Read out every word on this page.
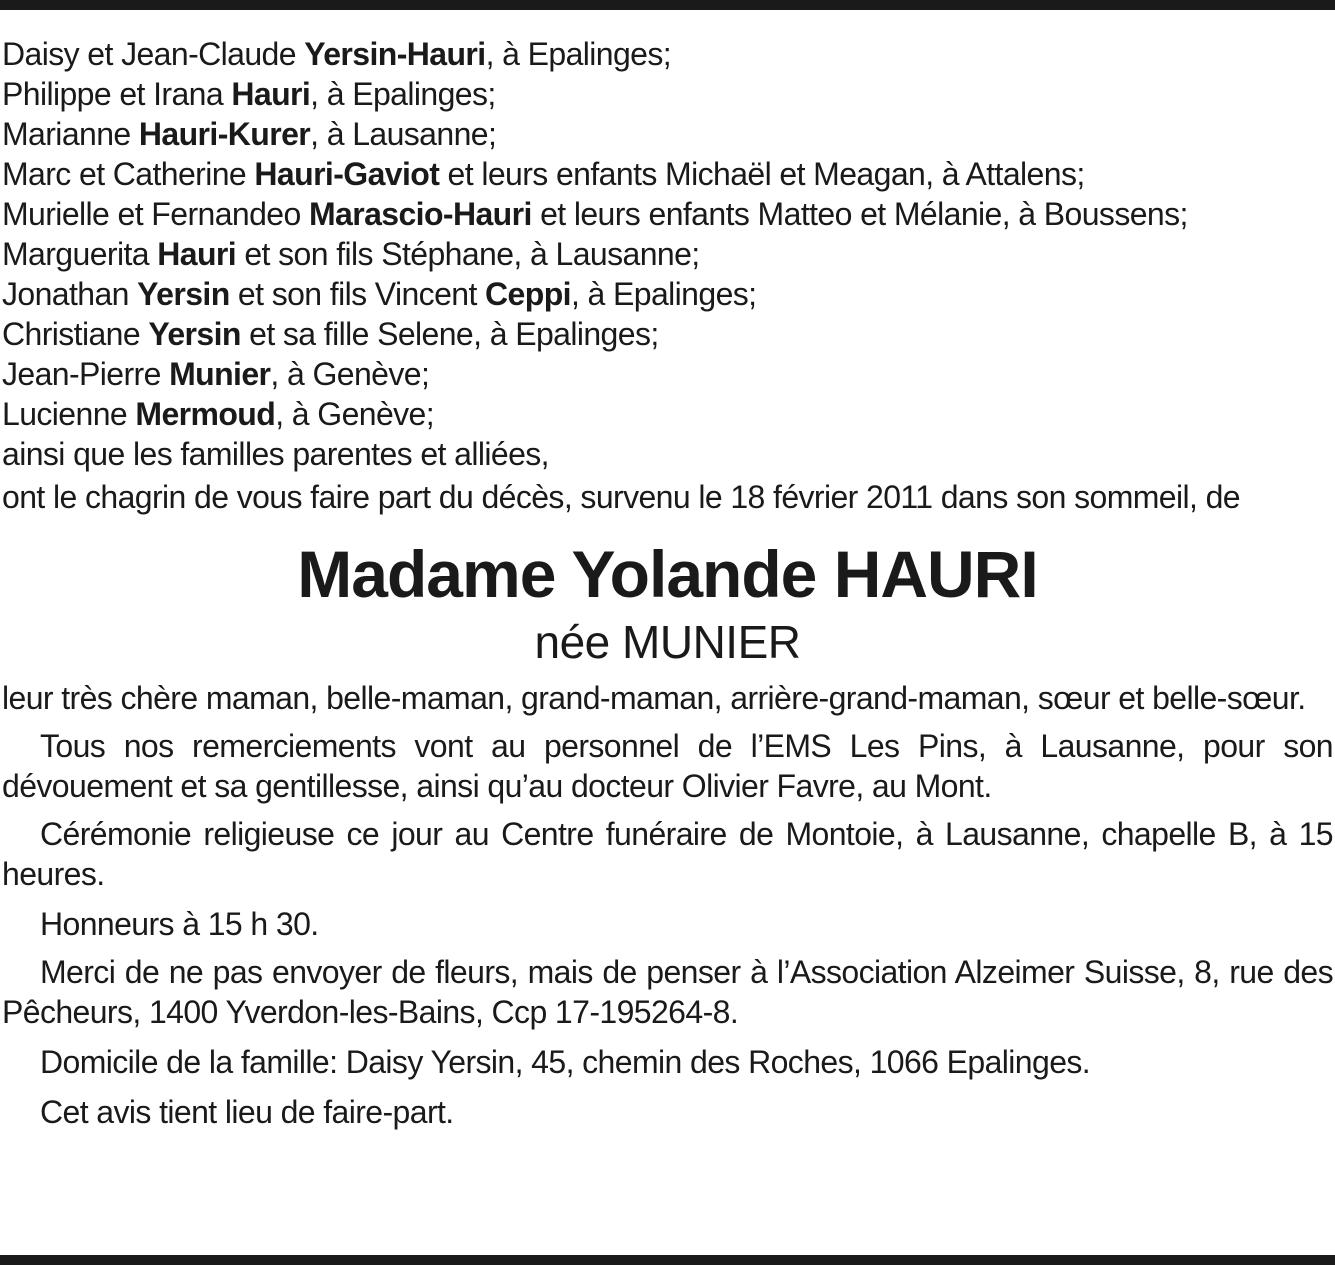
Daisy et Jean-Claude Yersin-Hauri, à Epalinges;
Philippe et Irana Hauri, à Epalinges;
Marianne Hauri-Kurer, à Lausanne;
Marc et Catherine Hauri-Gaviot et leurs enfants Michaël et Meagan, à Attalens;
Murielle et Fernandeo Marascio-Hauri et leurs enfants Matteo et Mélanie, à Boussens;
Marguerita Hauri et son fils Stéphane, à Lausanne;
Jonathan Yersin et son fils Vincent Ceppi, à Epalinges;
Christiane Yersin et sa fille Selene, à Epalinges;
Jean-Pierre Munier, à Genève;
Lucienne Mermoud, à Genève;
ainsi que les familles parentes et alliées,
ont le chagrin de vous faire part du décès, survenu le 18 février 2011 dans son sommeil, de
Madame Yolande HAURI
née MUNIER
leur très chère maman, belle-maman, grand-maman, arrière-grand-maman, sœur et belle-sœur.
Tous nos remerciements vont au personnel de l’EMS Les Pins, à Lausanne, pour son dévouement et sa gentillesse, ainsi qu’au docteur Olivier Favre, au Mont.
Cérémonie religieuse ce jour au Centre funéraire de Montoie, à Lausanne, chapelle B, à 15 heures.
Honneurs à 15 h 30.
Merci de ne pas envoyer de fleurs, mais de penser à l’Association Alzeimer Suisse, 8, rue des Pêcheurs, 1400 Yverdon-les-Bains, Ccp 17-195264-8.
Domicile de la famille: Daisy Yersin, 45, chemin des Roches, 1066 Epalinges.
Cet avis tient lieu de faire-part.
